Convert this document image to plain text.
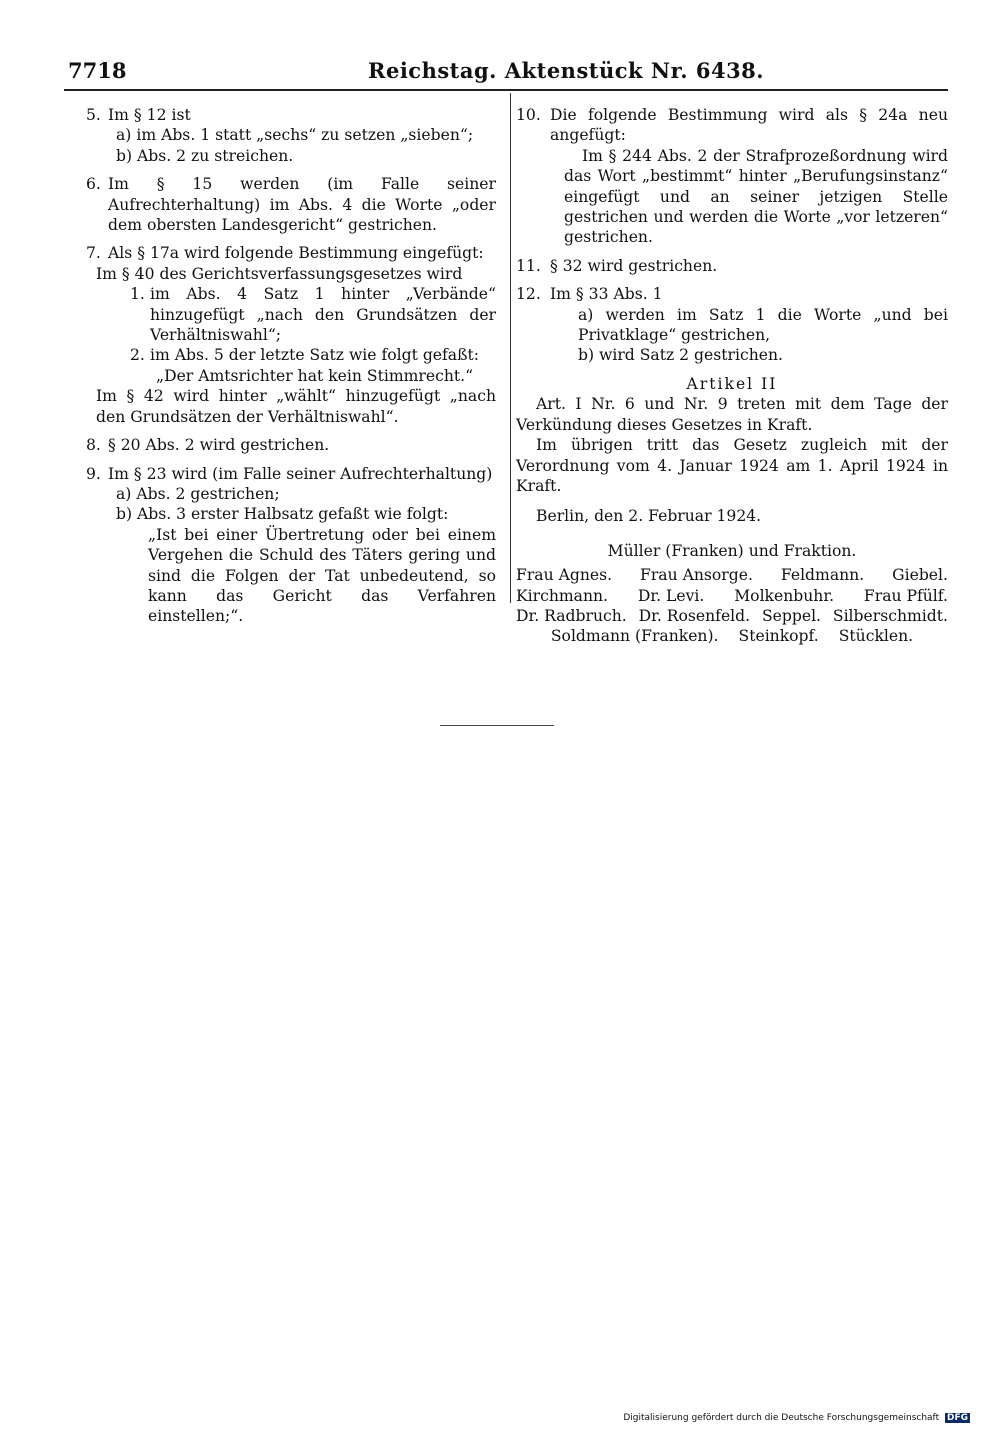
7718	Reichstag. Aktenstück Nr. 6438.
5. Im § 12 ist
a) im Abs. 1 statt „sechs“ zu setzen „sieben“;
b) Abs. 2 zu streichen.
6. Im § 15 werden (im Falle seiner Aufrechterhaltung) im Abs. 4 die Worte „oder dem obersten Landesgericht“ gestrichen.
7. Als § 17a wird folgende Bestimmung eingefügt:
Im § 40 des Gerichtsverfassungsgesetzes wird
1. im Abs. 4 Satz 1 hinter „Verbände“ hinzugefügt „nach den Grundsätzen der Verhältniswahl“;
2. im Abs. 5 der letzte Satz wie folgt gefaßt:
„Der Amtsrichter hat kein Stimmrecht.“
Im § 42 wird hinter „wählt“ hinzugefügt „nach den Grundsätzen der Verhältniswahl“.
8. § 20 Abs. 2 wird gestrichen.
9. Im § 23 wird (im Falle seiner Aufrechterhaltung)
a) Abs. 2 gestrichen;
b) Abs. 3 erster Halbsatz gefaßt wie folgt:
„Ist bei einer Übertretung oder bei einem Vergehen die Schuld des Täters gering und sind die Folgen der Tat unbedeutend, so kann das Gericht das Verfahren einstellen;“.
10. Die folgende Bestimmung wird als § 24a neu angefügt:
Im § 244 Abs. 2 der Strafprozeßordnung wird das Wort „bestimmt“ hinter „Berufungsinstanz“ eingefügt und an seiner jetzigen Stelle gestrichen und werden die Worte „vor letzeren“ gestrichen.
11. § 32 wird gestrichen.
12. Im § 33 Abs. 1
a) werden im Satz 1 die Worte „und bei Privatklage“ gestrichen,
b) wird Satz 2 gestrichen.
Artikel II
Art. I Nr. 6 und Nr. 9 treten mit dem Tage der Verkündung dieses Gesetzes in Kraft.
Im übrigen tritt das Gesetz zugleich mit der Verordnung vom 4. Januar 1924 am 1. April 1924 in Kraft.
Berlin, den 2. Februar 1924.
Müller (Franken) und Fraktion.
Frau Agnes. Frau Ansorge. Feldmann. Giebel.
Kirchmann. Dr. Levi. Molkenbuhr. Frau Pfülf.
Dr. Radbruch. Dr. Rosenfeld. Seppel. Silberschmidt.
Soldmann (Franken). Steinkopf. Stücklen.
Digitalisierung gefördert durch die Deutsche Forschungsgemeinschaft DFG
